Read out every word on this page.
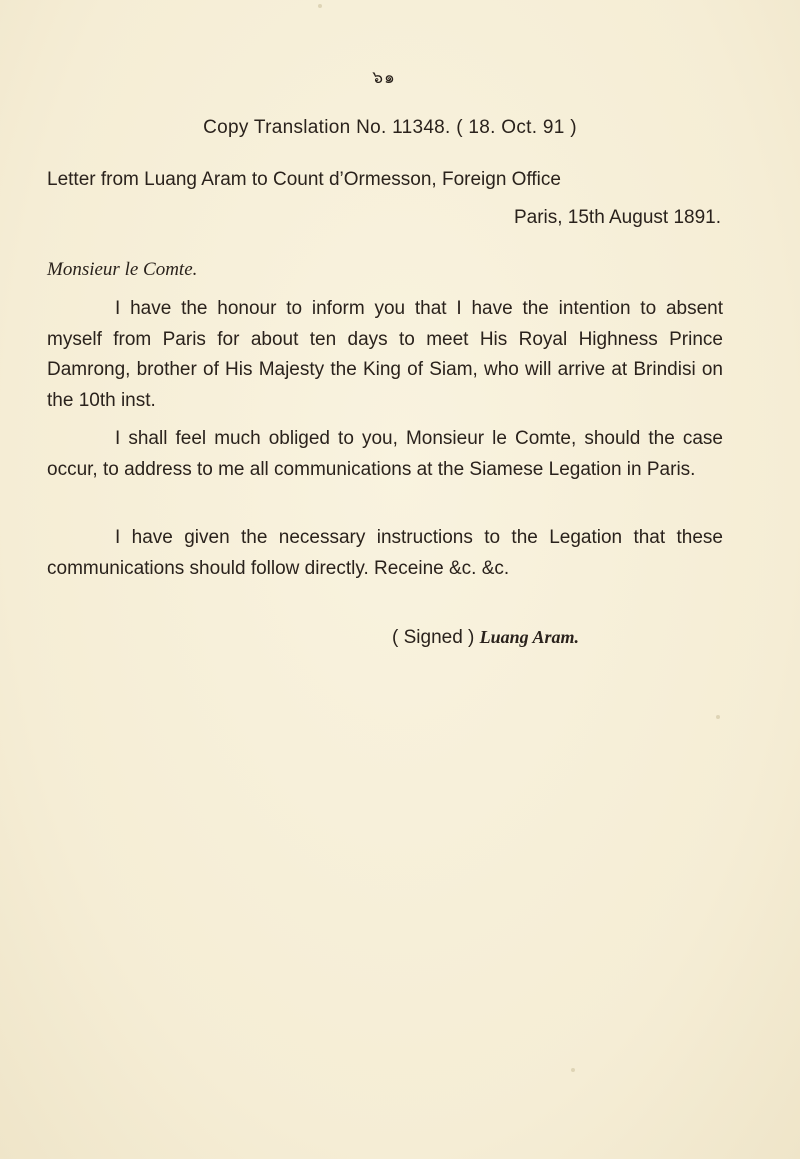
๖๑
Copy Translation No. 11348. ( 18. Oct. 91 )
Letter from Luang Aram to Count d’Ormesson, Foreign Office
Paris, 15th August 1891.
Monsieur le Comte.
I have the honour to inform you that I have the intention to absent myself from Paris for about ten days to meet His Royal Highness Prince Damrong, brother of His Majesty the King of Siam, who will arrive at Brindisi on the 10th inst.
I shall feel much obliged to you, Monsieur le Comte, should the case occur, to address to me all communications at the Siamese Legation in Paris.
I have given the necessary instructions to the Legation that these communications should follow directly. Receine &c. &c.
( Signed ) Luang Aram.
